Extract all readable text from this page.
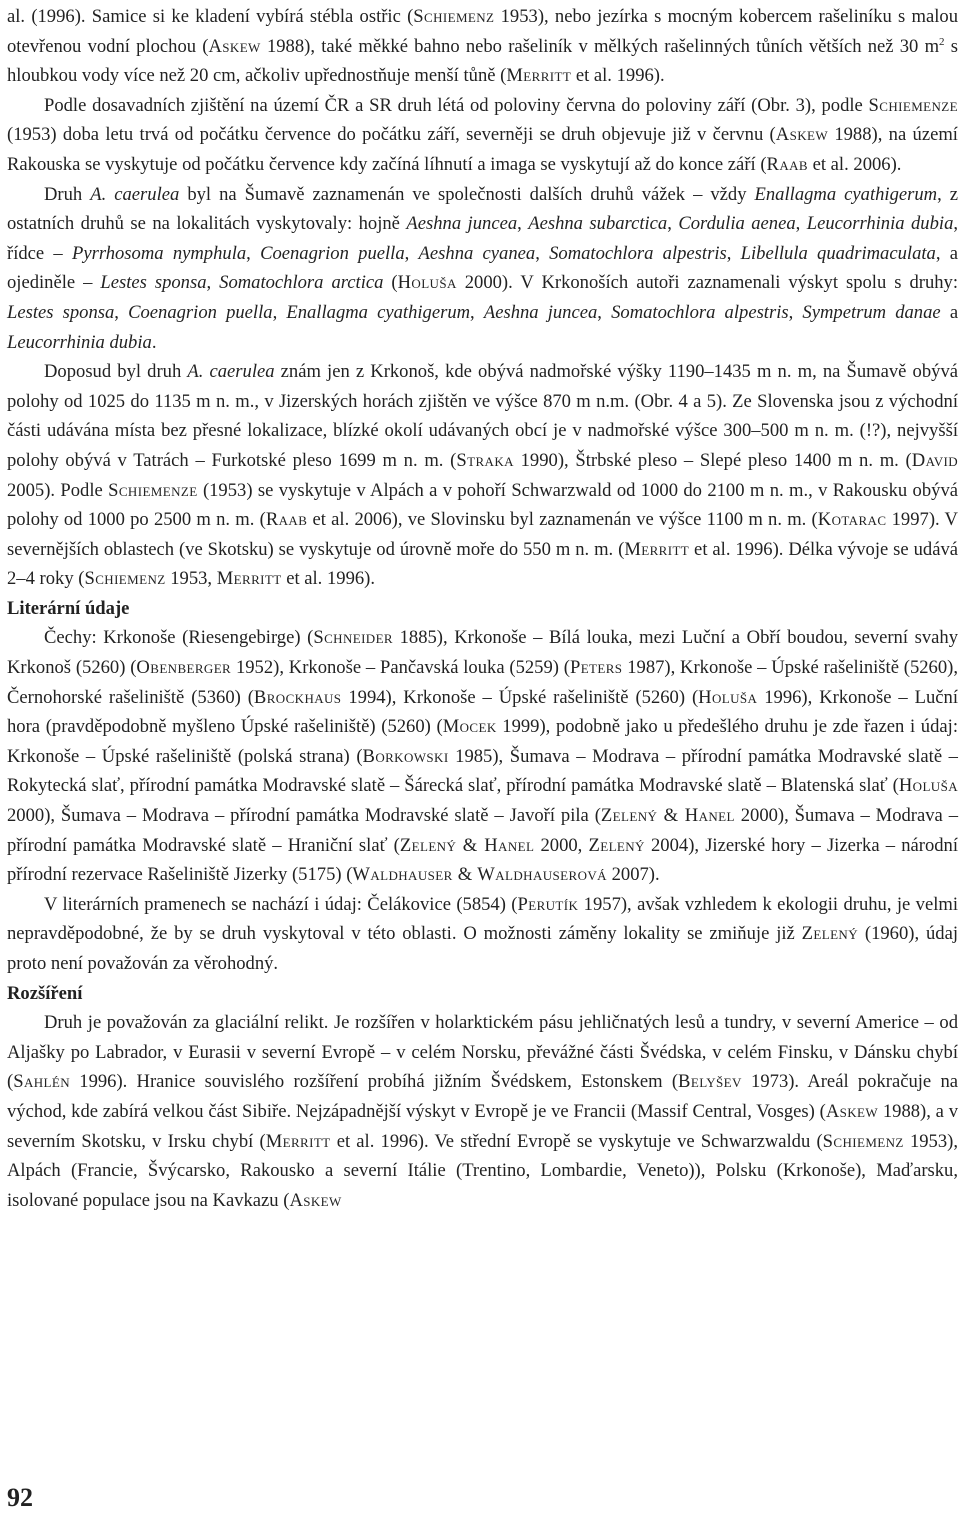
al. (1996). Samice si ke kladení vybírá stébla ostřic (Schiemenz 1953), nebo jezírka s mocným kobercem rašeliníku s malou otevřenou vodní plochou (Askew 1988), také měkké bahno nebo rašeliník v mělkých rašelinných tůních větších než 30 $m^2$ s hloubkou vody více než 20 cm, ačkoliv upřednostňuje menší tůně (Merritt et al. 1996).

Podle dosavadních zjištění na území ČR a SR druh létá od poloviny června do poloviny září (Obr. 3), podle Schiemenze (1953) doba letu trvá od počátku července do počátku září, severněji se druh objevuje již v červnu (Askew 1988), na území Rakouska se vyskytuje od počátku července kdy začíná líhnutí a imaga se vyskytují až do konce září (Raab et al. 2006).

Druh A. caerulea byl na Šumavě zaznamenán ve společnosti dalších druhů vážek – vždy Enallagma cyathigerum, z ostatních druhů se na lokalitách vyskytovaly: hojně Aeshna juncea, Aeshna subarctica, Cordulia aenea, Leucorrhinia dubia, řídce – Pyrrhosoma nymphula, Coenagrion puella, Aeshna cyanea, Somatochlora alpestris, Libellula quadrimaculata, a ojediněle – Lestes sponsa, Somatochlora arctica (Holuša 2000). V Krkonoších autoři zaznamenali výskyt spolu s druhy: Lestes sponsa, Coenagrion puella, Enallagma cyathigerum, Aeshna juncea, Somatochlora alpestris, Sympetrum danae a Leucorrhinia dubia.

Doposud byl druh A. caerulea znám jen z Krkonoš, kde obývá nadmořské výšky 1190–1435 m n. m, na Šumavě obývá polohy od 1025 do 1135 m n. m., v Jizerských horách zjištěn ve výšce 870 m n.m. (Obr. 4 a 5). Ze Slovenska jsou z východní části udávána místa bez přesné lokalizace, blízké okolí udávaných obcí je v nadmořské výšce 300–500 m n. m. (!?), nejvyšší polohy obývá v Tatrách – Furkotské pleso 1699 m n. m. (Straka 1990), Štrbské pleso – Slepé pleso 1400 m n. m. (David 2005). Podle Schiemenze (1953) se vyskytuje v Alpách a v pohoří Schwarzwald od 1000 do 2100 m n. m., v Rakousku obývá polohy od 1000 po 2500 m n. m. (Raab et al. 2006), ve Slovinsku byl zaznamenán ve výšce 1100 m n. m. (Kotarac 1997). V severnějších oblastech (ve Skotsku) se vyskytuje od úrovně moře do 550 m n. m. (Merritt et al. 1996). Délka vývoje se udává 2–4 roky (Schiemenz 1953, Merritt et al. 1996).

Literární údaje

Čechy: Krkonoše (Riesengebirge) (Schneider 1885), Krkonoše – Bílá louka, mezi Luční a Obří boudou, severní svahy Krkonoš (5260) (Obenberger 1952), Krkonoše – Pančavská louka (5259) (Peters 1987), Krkonoše – Úpské rašeliniště (5260), Černohorské rašeliniště (5360) (Brockhaus 1994), Krkonoše – Úpské rašeliniště (5260) (Holuša 1996), Krkonoše – Luční hora (pravděpodobně myšleno Úpské rašeliniště) (5260) (Mocek 1999), podobně jako u předešlého druhu je zde řazen i údaj: Krkonoše – Úpské rašeliniště (polská strana) (Borkowski 1985), Šumava – Modrava – přírodní památka Modravské slatě – Rokytecká slať, přírodní památka Modravské slatě – Šárecká slať, přírodní památka Modravské slatě – Blatenská slať (Holuša 2000), Šumava – Modrava – přírodní památka Modravské slatě – Javoří pila (Zelený & Hanel 2000), Šumava – Modrava – přírodní památka Modravské slatě – Hraniční slať (Zelený & Hanel 2000, Zelený 2004), Jizerské hory – Jizerka – národní přírodní rezervace Rašeliniště Jizerky (5175) (Waldhauser & Waldhauserová 2007).

V literárních pramenech se nachází i údaj: Čelákovice (5854) (Perutík 1957), avšak vzhledem k ekologii druhu, je velmi nepravděpodobné, že by se druh vyskytoval v této oblasti. O možnosti záměny lokality se zmiňuje již Zelený (1960), údaj proto není považován za věrohodný.

Rozšíření

Druh je považován za glaciální relikt. Je rozšířen v holarktickém pásu jehličnatých lesů a tundry, v severní Americe – od Aljašky po Labrador, v Eurasii v severní Evropě – v celém Norsku, převážné části Švédska, v celém Finsku, v Dánsku chybí (Sahlén 1996). Hranice souvislého rozšíření probíhá jižním Švédskem, Estonskem (Belyšev 1973). Areál pokračuje na východ, kde zabírá velkou část Sibiře. Nejzápadnější výskyt v Evropě je ve Francii (Massif Central, Vosges) (Askew 1988), a v severním Skotsku, v Irsku chybí (Merritt et al. 1996). Ve střední Evropě se vyskytuje ve Schwarzwaldu (Schiemenz 1953), Alpách (Francie, Švýcarsko, Rakousko a severní Itálie (Trentino, Lombardie, Veneto)), Polsku (Krkonoše), Maďarsku, isolované populace jsou na Kavkazu (Askew

92
